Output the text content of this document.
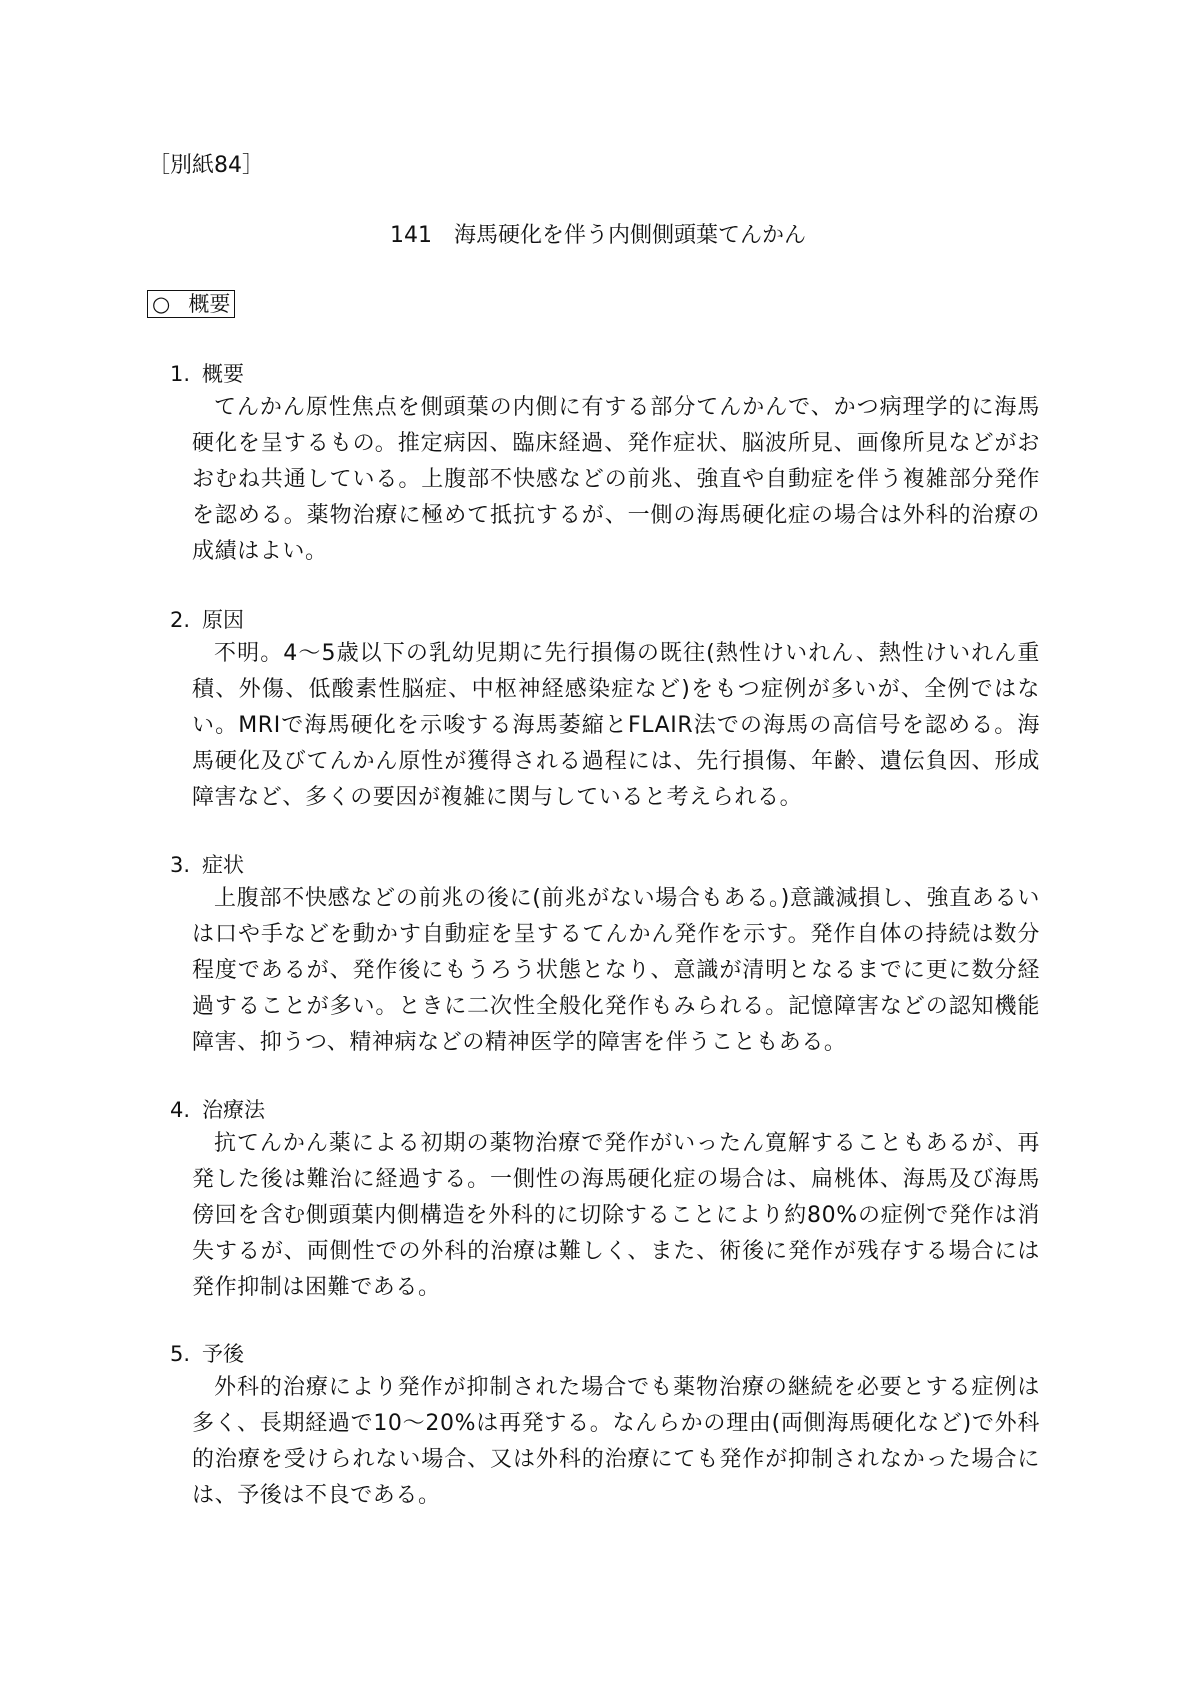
［別紙84］
141 海馬硬化を伴う内側側頭葉てんかん
○ 概要
1. 概要
てんかん原性焦点を側頭葉の内側に有する部分てんかんで、かつ病理学的に海馬硬化を呈するもの。推定病因、臨床経過、発作症状、脳波所見、画像所見などがおおむね共通している。上腹部不快感などの前兆、強直や自動症を伴う複雑部分発作を認める。薬物治療に極めて抵抗するが、一側の海馬硬化症の場合は外科的治療の成績はよい。
2. 原因
不明。4〜5歳以下の乳幼児期に先行損傷の既往(熱性けいれん、熱性けいれん重積、外傷、低酸素性脳症、中枢神経感染症など)をもつ症例が多いが、全例ではない。MRIで海馬硬化を示唆する海馬萎縮とFLAIR法での海馬の高信号を認める。海馬硬化及びてんかん原性が獲得される過程には、先行損傷、年齢、遺伝負因、形成障害など、多くの要因が複雑に関与していると考えられる。
3. 症状
上腹部不快感などの前兆の後に(前兆がない場合もある。)意識減損し、強直あるいは口や手などを動かす自動症を呈するてんかん発作を示す。発作自体の持続は数分程度であるが、発作後にもうろう状態となり、意識が清明となるまでに更に数分経過することが多い。ときに二次性全般化発作もみられる。記憶障害などの認知機能障害、抑うつ、精神病などの精神医学的障害を伴うこともある。
4. 治療法
抗てんかん薬による初期の薬物治療で発作がいったん寛解することもあるが、再発した後は難治に経過する。一側性の海馬硬化症の場合は、扁桃体、海馬及び海馬傍回を含む側頭葉内側構造を外科的に切除することにより約80%の症例で発作は消失するが、両側性での外科的治療は難しく、また、術後に発作が残存する場合には発作抑制は困難である。
5. 予後
外科的治療により発作が抑制された場合でも薬物治療の継続を必要とする症例は多く、長期経過で10〜20%は再発する。なんらかの理由(両側海馬硬化など)で外科的治療を受けられない場合、又は外科的治療にても発作が抑制されなかった場合には、予後は不良である。
